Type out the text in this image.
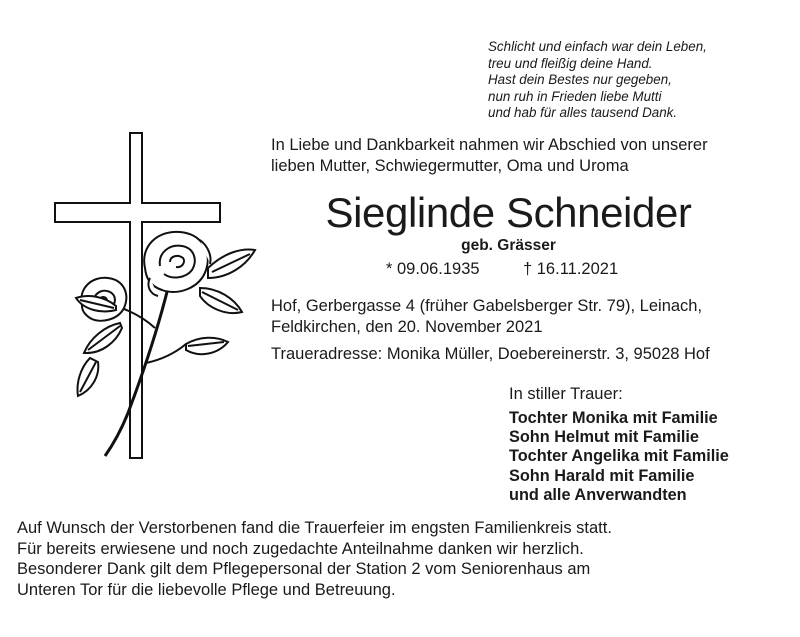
Schlicht und einfach war dein Leben,
treu und fleißig deine Hand.
Hast dein Bestes nur gegeben,
nun ruh in Frieden liebe Mutti
und hab für alles tausend Dank.
In Liebe und Dankbarkeit nahmen wir Abschied von unserer
lieben Mutter, Schwiegermutter, Oma und Uroma
Sieglinde Schneider
geb. Grässer
* 09.06.1935	† 16.11.2021
Hof, Gerbergasse 4 (früher Gabelsberger Str. 79), Leinach,
Feldkirchen, den 20. November 2021
Traueradresse: Monika Müller, Doebereinerstr. 3, 95028 Hof
In stiller Trauer:
Tochter Monika mit Familie
Sohn Helmut mit Familie
Tochter Angelika mit Familie
Sohn Harald mit Familie
und alle Anverwandten
Auf Wunsch der Verstorbenen fand die Trauerfeier im engsten Familienkreis statt.
Für bereits erwiesene und noch zugedachte Anteilnahme danken wir herzlich.
Besonderer Dank gilt dem Pflegepersonal der Station 2 vom Seniorenhaus am
Unteren Tor für die liebevolle Pflege und Betreuung.
